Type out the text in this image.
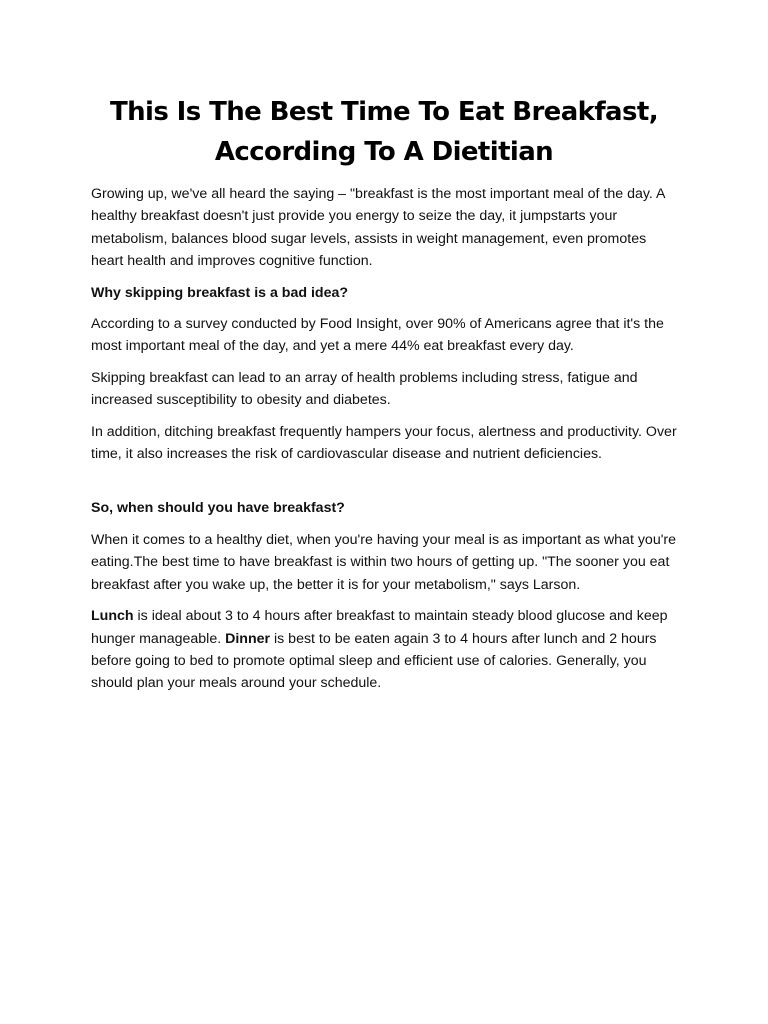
This Is The Best Time To Eat Breakfast,
According To A Dietitian

Growing up, we've all heard the saying – "breakfast is the most important meal of the day. A healthy breakfast doesn't just provide you energy to seize the day, it jumpstarts your metabolism, balances blood sugar levels, assists in weight management, even promotes heart health and improves cognitive function.

Why skipping breakfast is a bad idea?

According to a survey conducted by Food Insight, over 90% of Americans agree that it's the most important meal of the day, and yet a mere 44% eat breakfast every day.

Skipping breakfast can lead to an array of health problems including stress, fatigue and increased susceptibility to obesity and diabetes.

In addition, ditching breakfast frequently hampers your focus, alertness and productivity. Over time, it also increases the risk of cardiovascular disease and nutrient deficiencies.

So, when should you have breakfast?

When it comes to a healthy diet, when you're having your meal is as important as what you're eating.The best time to have breakfast is within two hours of getting up. "The sooner you eat breakfast after you wake up, the better it is for your metabolism," says Larson.

Lunch is ideal about 3 to 4 hours after breakfast to maintain steady blood glucose and keep hunger manageable. Dinner is best to be eaten again 3 to 4 hours after lunch and 2 hours before going to bed to promote optimal sleep and efficient use of calories. Generally, you should plan your meals around your schedule.
